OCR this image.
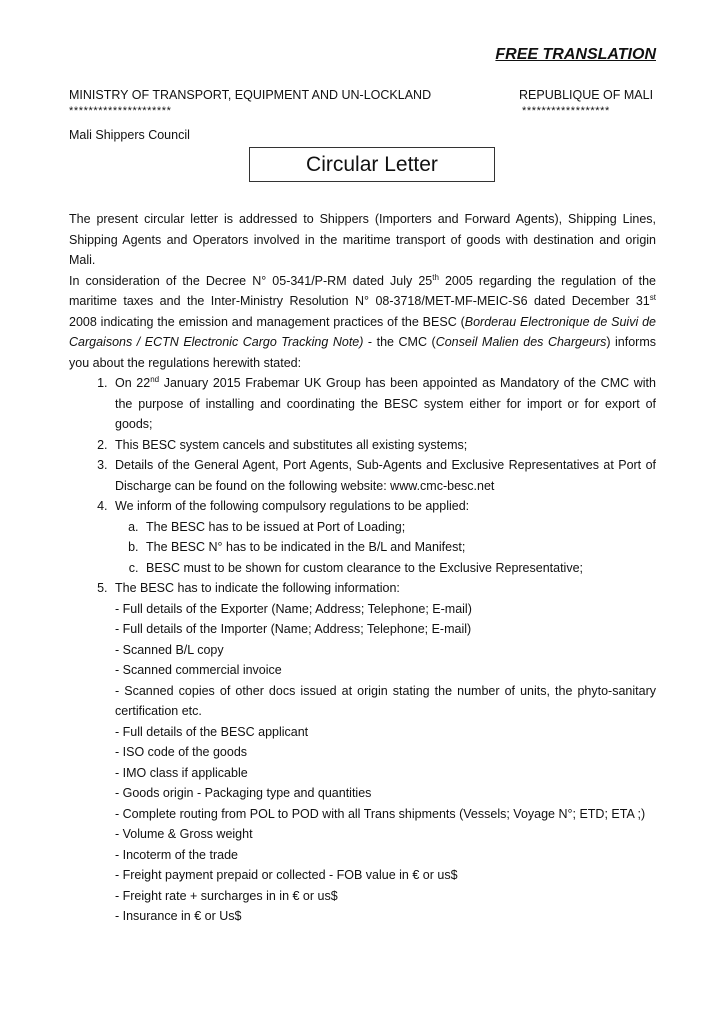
FREE TRANSLATION
MINISTRY OF TRANSPORT, EQUIPMENT AND UN-LOCKLAND	REPUBLIQUE OF MALI
*********************	******************
Mali Shippers Council
Circular Letter

The present circular letter is addressed to Shippers (Importers and Forward Agents), Shipping Lines, Shipping Agents and Operators involved in the maritime transport of goods with destination and origin Mali.

In consideration of the Decree N° 05-341/P-RM dated July 25th 2005 regarding the regulation of the maritime taxes and the Inter-Ministry Resolution N° 08-3718/MET-MF-MEIC-S6 dated December 31st 2008 indicating the emission and management practices of the BESC (Borderau Electronique de Suivi de Cargaisons / ECTN Electronic Cargo Tracking Note) - the CMC (Conseil Malien des Chargeurs) informs you about the regulations herewith stated:

1. On 22nd January 2015 Frabemar UK Group has been appointed as Mandatory of the CMC with the purpose of installing and coordinating the BESC system either for import or for export of goods;
2. This BESC system cancels and substitutes all existing systems;
3. Details of the General Agent, Port Agents, Sub-Agents and Exclusive Representatives at Port of Discharge can be found on the following website: www.cmc-besc.net
4. We inform of the following compulsory regulations to be applied:
a. The BESC has to be issued at Port of Loading;
b. The BESC N° has to be indicated in the B/L and Manifest;
c. BESC must to be shown for custom clearance to the Exclusive Representative;
5. The BESC has to indicate the following information:

- Full details of the Exporter (Name; Address; Telephone; E-mail)

- Full details of the Importer (Name; Address; Telephone; E-mail)

- Scanned B/L copy

- Scanned commercial invoice

- Scanned copies of other docs issued at origin stating the number of units, the phyto-sanitary certification etc.

- Full details of the BESC applicant

- ISO code of the goods

- IMO class if applicable

- Goods origin - Packaging type and quantities

- Complete routing from POL to POD with all Trans shipments (Vessels; Voyage N°; ETD; ETA ;)

- Volume & Gross weight

- Incoterm of the trade

- Freight payment prepaid or collected - FOB value in € or us$

- Freight rate + surcharges in in € or us$

- Insurance in € or Us$
